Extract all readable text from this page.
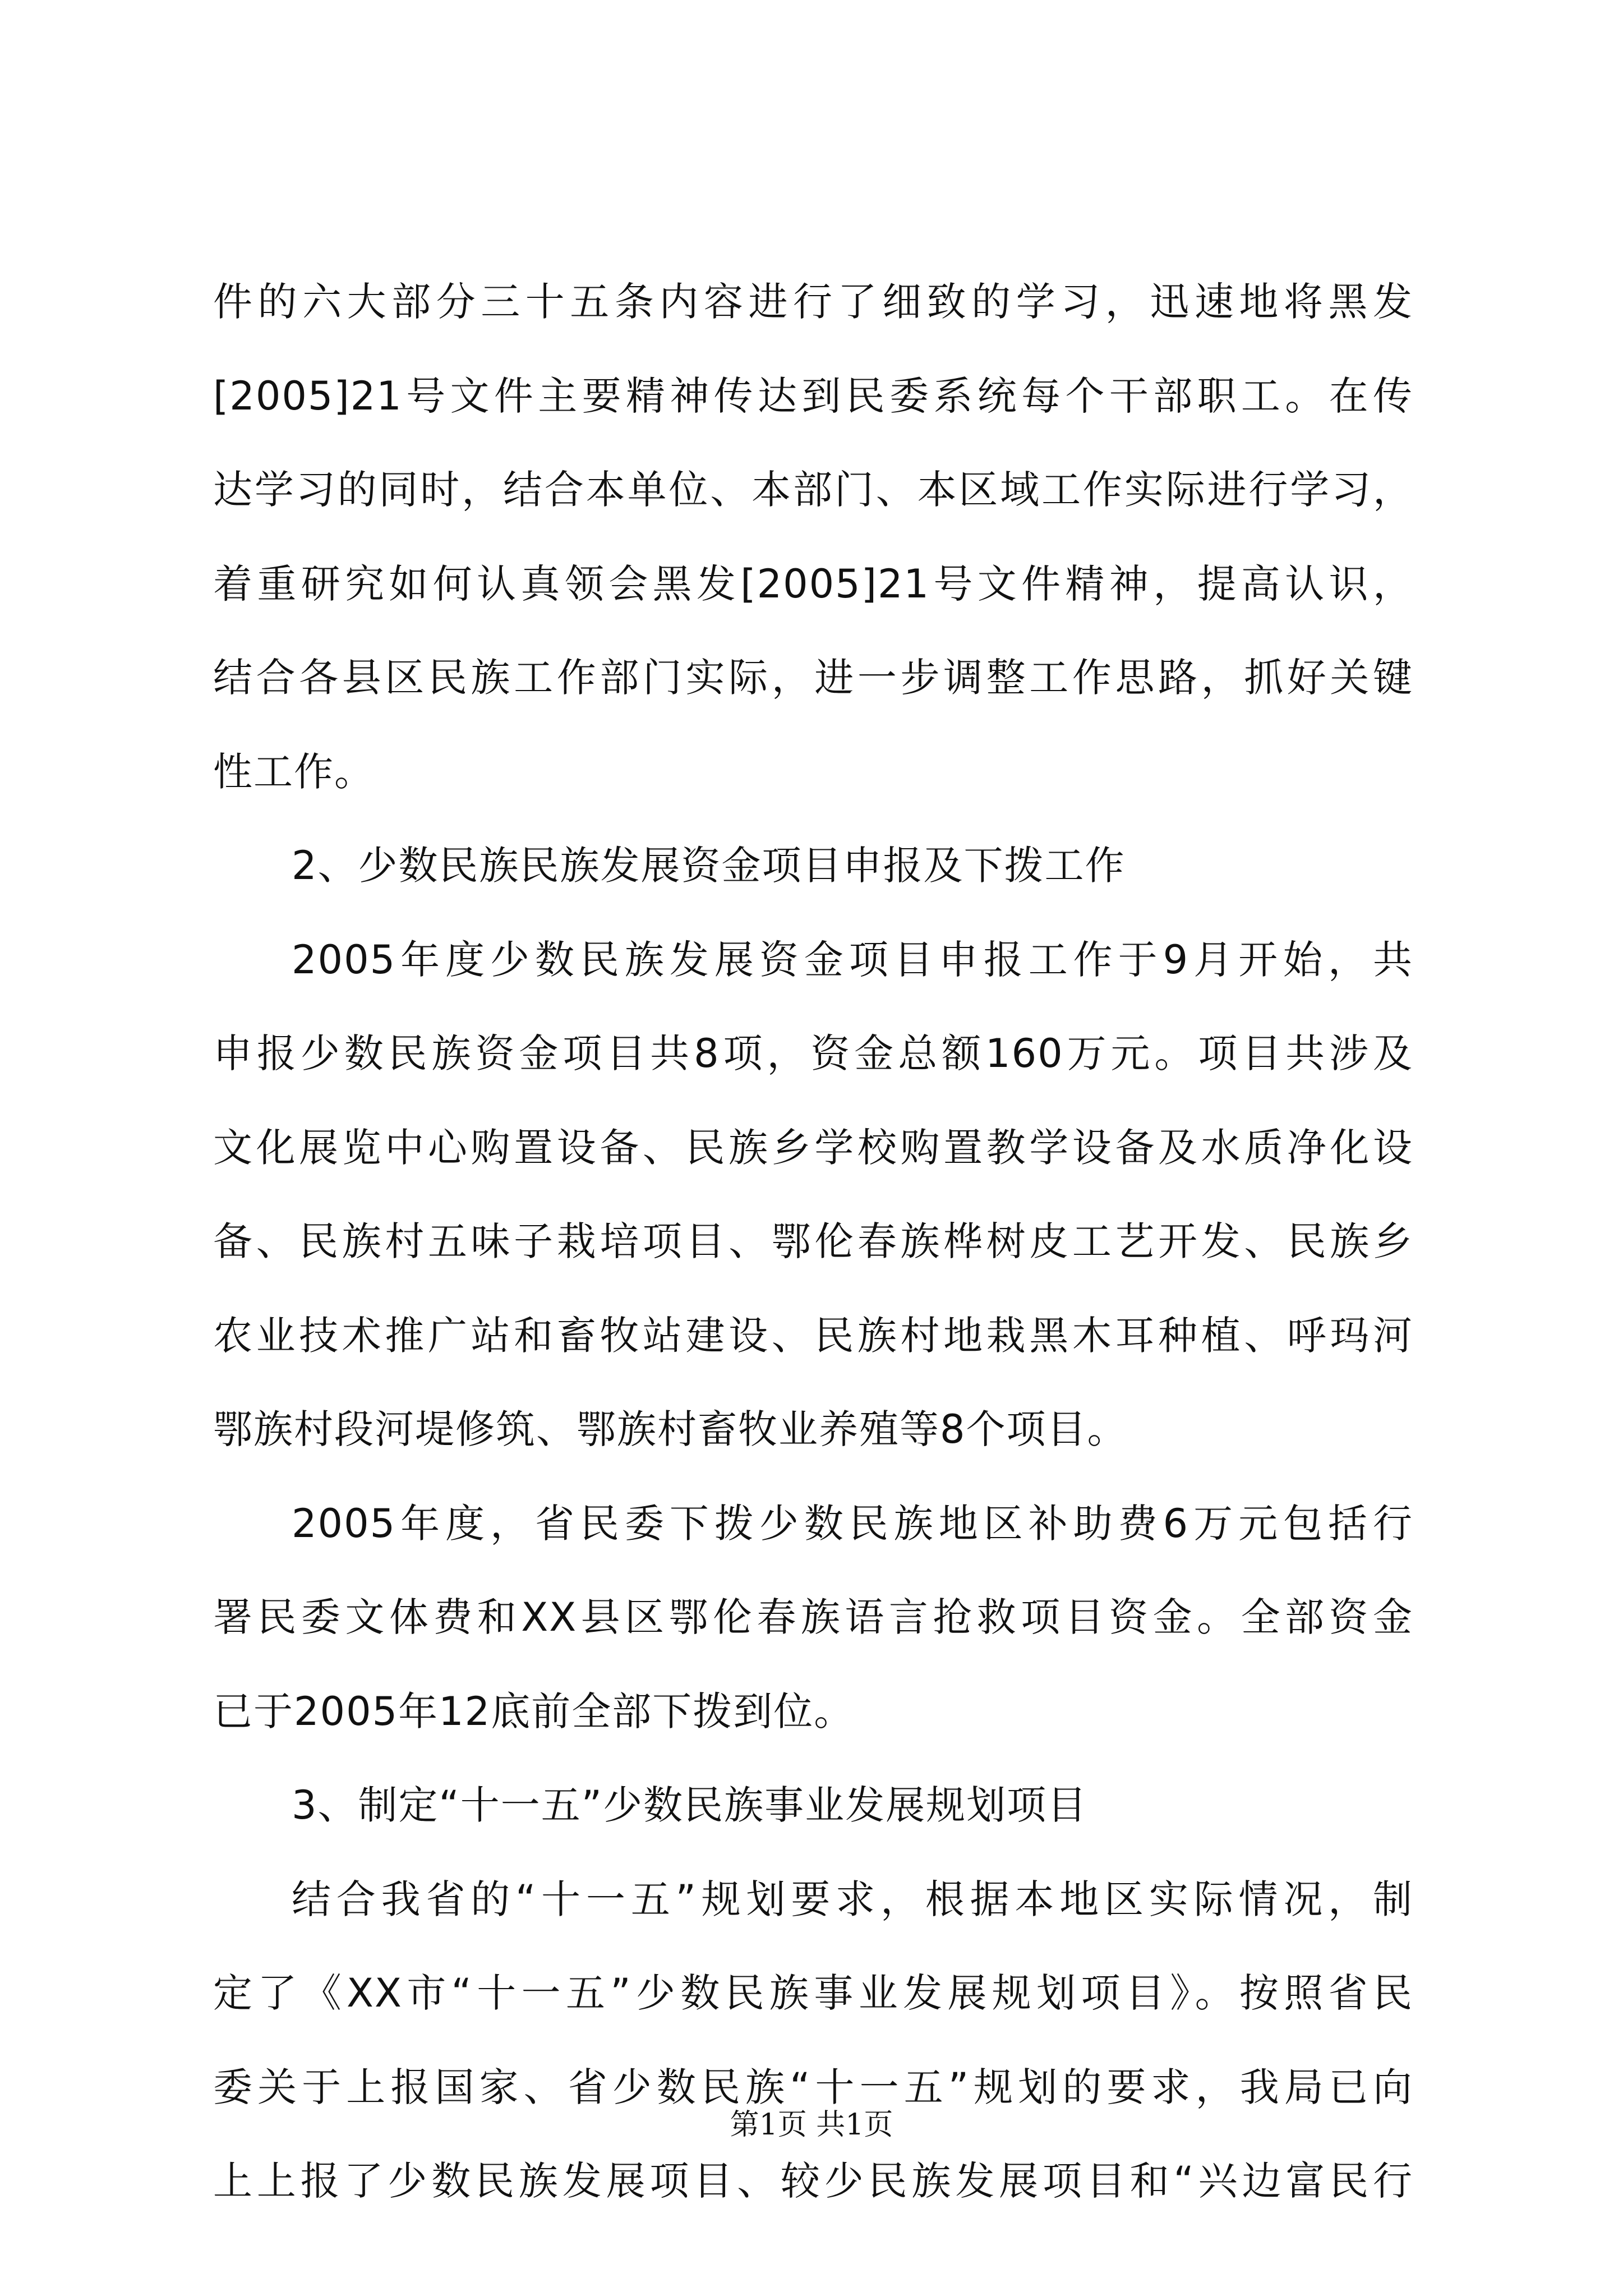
件的六大部分三十五条内容进行了细致的学习，迅速地将黑发
[2005]21号文件主要精神传达到民委系统每个干部职工。在传
达学习的同时，结合本单位、本部门、本区域工作实际进行学习，
着重研究如何认真领会黑发[2005]21号文件精神，提高认识，
结合各县区民族工作部门实际，进一步调整工作思路，抓好关键
性工作。
2、少数民族民族发展资金项目申报及下拨工作
2005年度少数民族发展资金项目申报工作于9月开始，共
申报少数民族资金项目共8项，资金总额160万元。项目共涉及
文化展览中心购置设备、民族乡学校购置教学设备及水质净化设
备、民族村五味子栽培项目、鄂伦春族桦树皮工艺开发、民族乡
农业技术推广站和畜牧站建设、民族村地栽黑木耳种植、呼玛河
鄂族村段河堤修筑、鄂族村畜牧业养殖等8个项目。
2005年度，省民委下拨少数民族地区补助费6万元包括行
署民委文体费和XX县区鄂伦春族语言抢救项目资金。全部资金
已于2005年12底前全部下拨到位。
3、制定“十一五”少数民族事业发展规划项目
结合我省的“十一五”规划要求，根据本地区实际情况，制
定了《XX市“十一五”少数民族事业发展规划项目》。按照省民
委关于上报国家、省少数民族“十一五”规划的要求，我局已向
上上报了少数民族发展项目、较少民族发展项目和“兴边富民行
第1页 共1页
